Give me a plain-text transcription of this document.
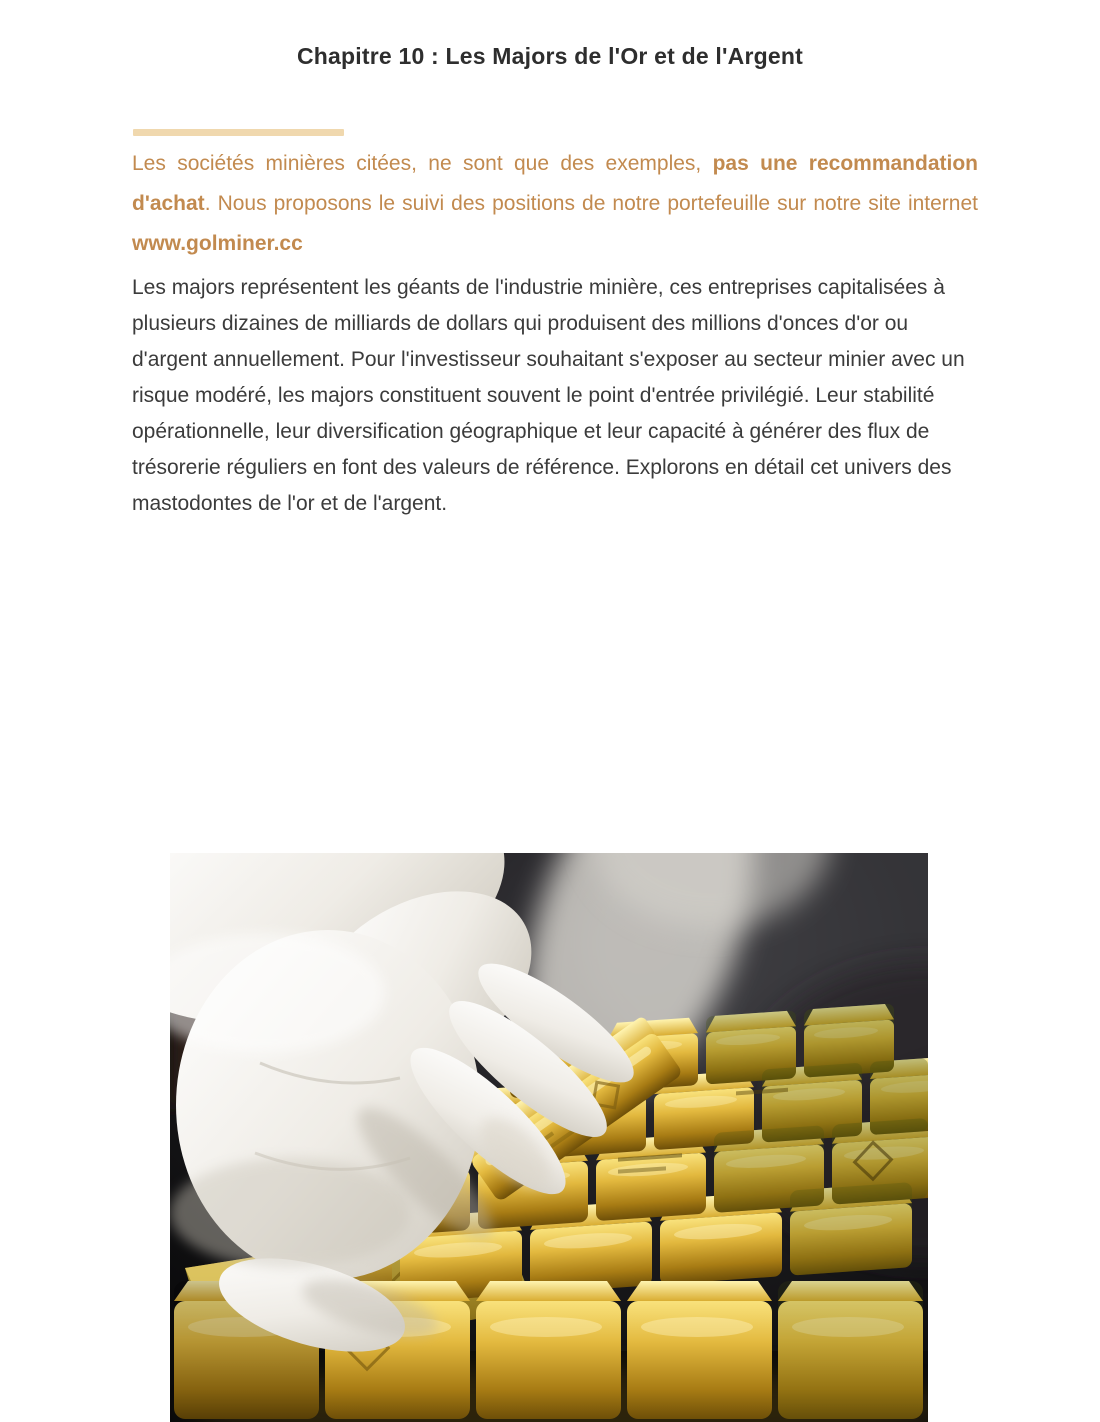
Chapitre 10 : Les Majors de l'Or et de l'Argent

Les sociétés minières citées, ne sont que des exemples, pas une recommandation d'achat. Nous proposons le suivi des positions de notre portefeuille sur notre site internet www.golminer.cc

Les majors représentent les géants de l'industrie minière, ces entreprises capitalisées à plusieurs dizaines de milliards de dollars qui produisent des millions d'onces d'or ou d'argent annuellement. Pour l'investisseur souhaitant s'exposer au secteur minier avec un risque modéré, les majors constituent souvent le point d'entrée privilégié. Leur stabilité opérationnelle, leur diversification géographique et leur capacité à générer des flux de trésorerie réguliers en font des valeurs de référence. Explorons en détail cet univers des mastodontes de l'or et de l'argent.
